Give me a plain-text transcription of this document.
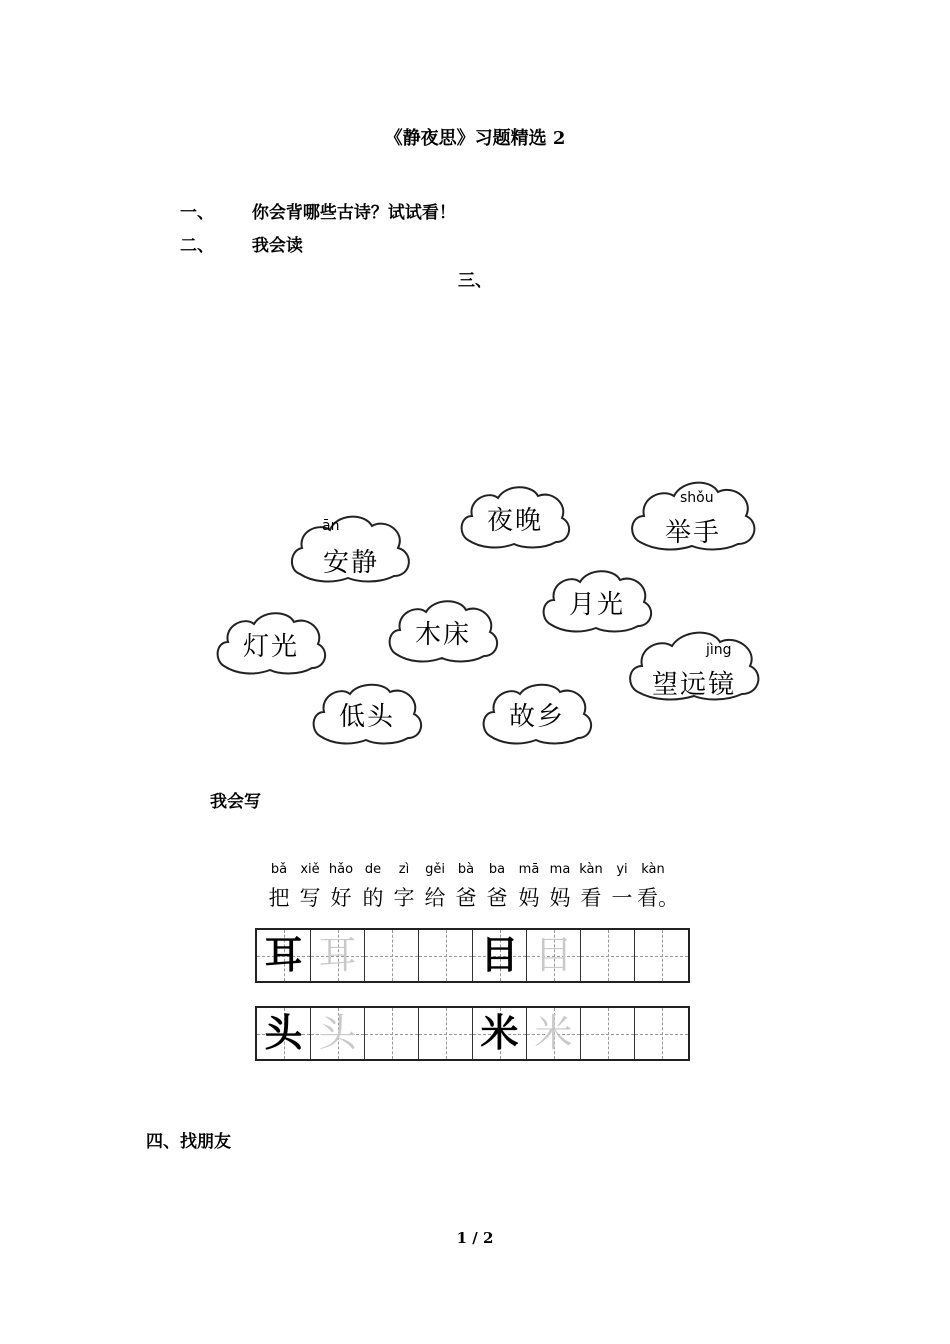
《静夜思》习题精选 2
一、 你会背哪些古诗？试试看！
二、 我会读
三、
ān
安静
夜晚
shǒu
举手
月光
灯光	木床	jìng
望远镜
低头	故乡
我会写
bǎ	xiě hǎo de	zì	gěi bà	ba	mā ma kàn	yi	kàn
把 写 好 的 字 给 爸 爸 妈 妈 看 一 看。
耳 耳	目 目
头 头	米 米
四、找朋友
1 / 2
